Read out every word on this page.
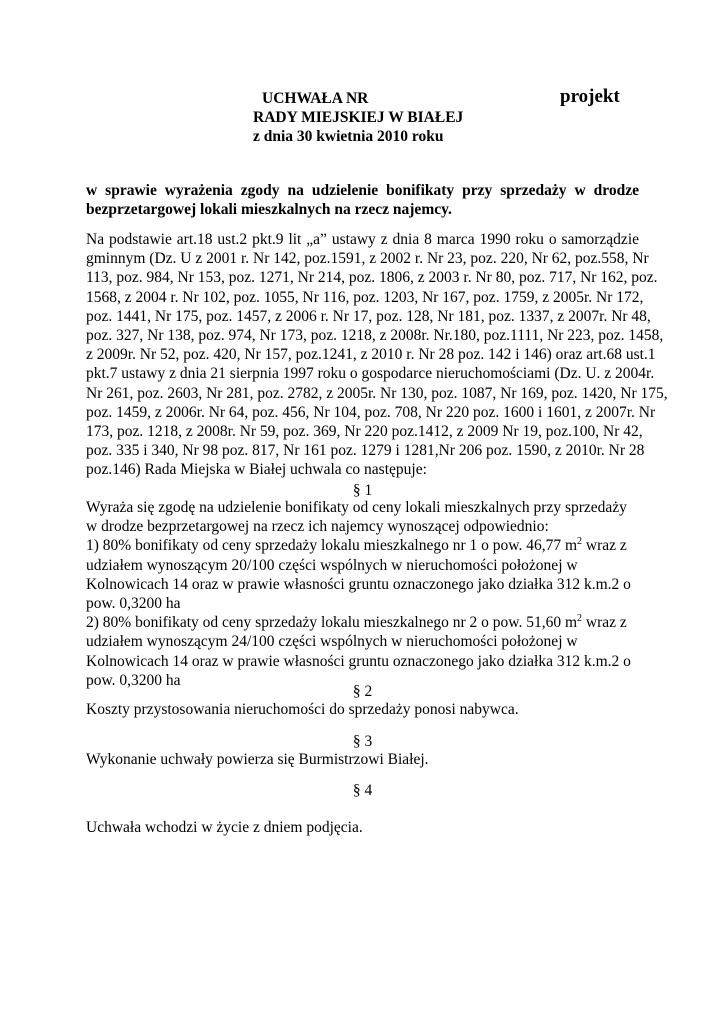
UCHWAŁA NR	projekt
RADY MIEJSKIEJ W BIAŁEJ
z dnia 30 kwietnia 2010 roku
w sprawie wyrażenia zgody na udzielenie bonifikaty przy sprzedaży w drodze
bezprzetargowej lokali mieszkalnych na rzecz najemcy.
Na podstawie art.18 ust.2 pkt.9 lit „a” ustawy z dnia 8 marca 1990 roku o samorządzie
gminnym (Dz. U z 2001 r. Nr 142, poz.1591, z 2002 r. Nr 23, poz. 220, Nr 62, poz.558, Nr
113, poz. 984, Nr 153, poz. 1271, Nr 214, poz. 1806, z 2003 r. Nr 80, poz. 717, Nr 162, poz.
1568, z 2004 r. Nr 102, poz. 1055, Nr 116, poz. 1203, Nr 167, poz. 1759, z 2005r. Nr 172,
poz. 1441, Nr 175, poz. 1457, z 2006 r. Nr 17, poz. 128, Nr 181, poz. 1337, z 2007r. Nr 48,
poz. 327, Nr 138, poz. 974, Nr 173, poz. 1218, z 2008r. Nr.180, poz.1111, Nr 223, poz. 1458,
z 2009r. Nr 52, poz. 420, Nr 157, poz.1241, z 2010 r. Nr 28 poz. 142 i 146) oraz art.68 ust.1
pkt.7 ustawy z dnia 21 sierpnia 1997 roku o gospodarce nieruchomościami (Dz. U. z 2004r.
Nr 261, poz. 2603, Nr 281, poz. 2782, z 2005r. Nr 130, poz. 1087, Nr 169, poz. 1420, Nr 175,
poz. 1459, z 2006r. Nr 64, poz. 456, Nr 104, poz. 708, Nr 220 poz. 1600 i 1601, z 2007r. Nr
173, poz. 1218, z 2008r. Nr 59, poz. 369, Nr 220 poz.1412, z 2009 Nr 19, poz.100, Nr 42,
poz. 335 i 340, Nr 98 poz. 817, Nr 161 poz. 1279 i 1281,Nr 206 poz. 1590, z 2010r. Nr 28
poz.146) Rada Miejska w Białej uchwala co następuje:
§ 1
Wyraża się zgodę na udzielenie bonifikaty od ceny lokali mieszkalnych przy sprzedaży
w drodze bezprzetargowej na rzecz ich najemcy wynoszącej odpowiednio:
1) 80% bonifikaty od ceny sprzedaży lokalu mieszkalnego nr 1 o pow. 46,77 $m^2$ wraz z
udziałem wynoszącym 20/100 części wspólnych w nieruchomości położonej w
Kolnowicach 14 oraz w prawie własności gruntu oznaczonego jako działka 312 k.m.2 o
pow. 0,3200 ha
2) 80% bonifikaty od ceny sprzedaży lokalu mieszkalnego nr 2 o pow. 51,60 $m^2$ wraz z
udziałem wynoszącym 24/100 części wspólnych w nieruchomości położonej w
Kolnowicach 14 oraz w prawie własności gruntu oznaczonego jako działka 312 k.m.2 o
pow. 0,3200 ha
§ 2
Koszty przystosowania nieruchomości do sprzedaży ponosi nabywca.
§ 3
Wykonanie uchwały powierza się Burmistrzowi Białej.
§ 4
Uchwała wchodzi w życie z dniem podjęcia.
